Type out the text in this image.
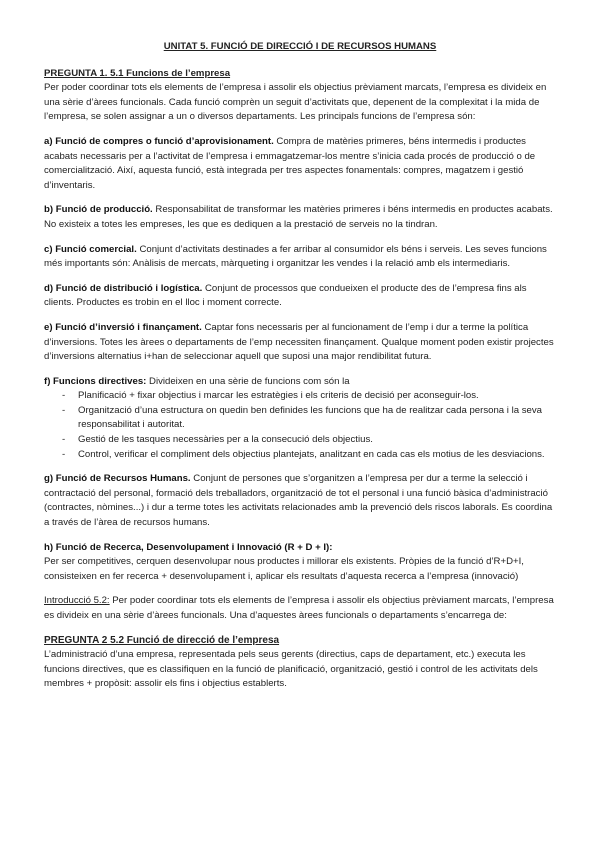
UNITAT 5. FUNCIÓ DE DIRECCIÓ I DE RECURSOS HUMANS
PREGUNTA 1. 5.1 Funcions de l’empresa

Per poder coordinar tots els elements de l’empresa i assolir els objectius prèviament marcats, l’empresa es divideix en una sèrie d’àrees funcionals. Cada funció comprèn un seguit d’activitats que, depenent de la complexitat i la mida de l’empresa, se solen assignar a un o diversos departaments. Les principals funcions de l’empresa són:

a) Funció de compres o funció d’aprovisionament. Compra de matèries primeres, béns intermedis i productes acabats necessaris per a l’activitat de l’empresa i emmagatzemar-los mentre s’inicia cada procés de producció o de comercialització. Així, aquesta funció, està integrada per tres aspectes fonamentals: compres, magatzem i gestió d’inventaris.
b) Funció de producció. Responsabilitat de transformar les matèries primeres i béns intermedis en productes acabats. No existeix a totes les empreses, les que es dediquen a la prestació de serveis no la tindran.
c) Funció comercial. Conjunt d’activitats destinades a fer arribar al consumidor els béns i serveis. Les seves funcions més importants són: Anàlisis de mercats, màrqueting i organitzar les vendes i la relació amb els intermediaris.
d) Funció de distribució i logística. Conjunt de processos que condueixen el producte des de l’empresa fins als clients. Productes es trobin en el lloc i moment correcte.
e) Funció d’inversió i finançament. Captar fons necessaris per al funcionament de l’emp i dur a terme la política d’inversions. Totes les àrees o departaments de l’emp necessiten finançament. Qualque moment poden existir projectes d’inversions alternatius i+han de seleccionar aquell que suposi una major rendibilitat futura.
f) Funcions directives: Divideixen en una sèrie de funcions com són la
- Planificació + fixar objectius i marcar les estratègies i els criteris de decisió per aconseguir-los.
- Organització d’una estructura on quedin ben definides les funcions que ha de realitzar cada persona i la seva responsabilitat i autoritat.
- Gestió de les tasques necessàries per a la consecució dels objectius.
- Control, verificar el compliment dels objectius plantejats, analitzant en cada cas els motius de les desviacions.
g) Funció de Recursos Humans. Conjunt de persones que s’organitzen a l’empresa per dur a terme la selecció i contractació del personal, formació dels treballadors, organització de tot el personal i una funció bàsica d’administració (contractes, nòmines...) i dur a terme totes les activitats relacionades amb la prevenció dels riscos laborals. Es coordina a través de l’àrea de recursos humans.
h) Funció de Recerca, Desenvolupament i Innovació (R + D + I):
Per ser competitives, cerquen desenvolupar nous productes i millorar els existents. Pròpies de la funció d’R+D+I, consisteixen en fer recerca + desenvolupament i, aplicar els resultats d’aquesta recerca a l’empresa (innovació)
Introducció 5.2: Per poder coordinar tots els elements de l’empresa i assolir els objectius prèviament marcats, l’empresa es divideix en una sèrie d’àrees funcionals. Una d’aquestes àrees funcionals o departaments s’encarrega de:
PREGUNTA 2 5.2 Funció de direcció de l’empresa

L’administració d’una empresa, representada pels seus gerents (directius, caps de departament, etc.) executa les funcions directives, que es classifiquen en la funció de planificació, organització, gestió i control de les activitats dels membres + propòsit: assolir els fins i objectius establerts.
